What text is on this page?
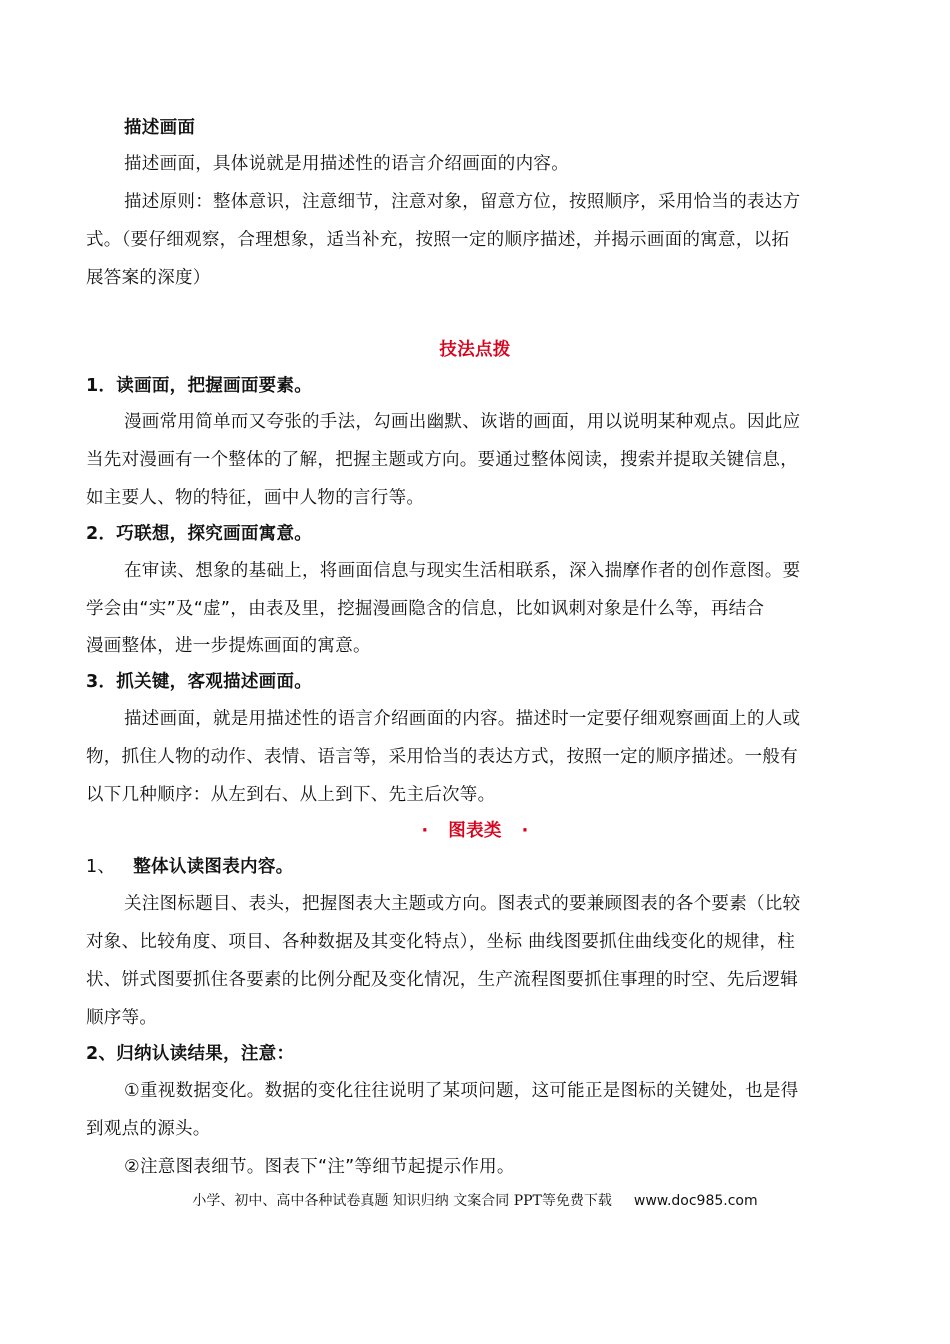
描述画面
描述画面，具体说就是用描述性的语言介绍画面的内容。
描述原则：整体意识，注意细节，注意对象，留意方位，按照顺序，采用恰当的表达方
式。（要仔细观察，合理想象，适当补充，按照一定的顺序描述，并揭示画面的寓意，以拓
展答案的深度）
技法点拨
1．读画面，把握画面要素。
漫画常用简单而又夸张的手法，勾画出幽默、诙谐的画面，用以说明某种观点。因此应
当先对漫画有一个整体的了解，把握主题或方向。要通过整体阅读，搜索并提取关键信息，
如主要人、物的特征，画中人物的言行等。
2．巧联想，探究画面寓意。
在审读、想象的基础上，将画面信息与现实生活相联系，深入揣摩作者的创作意图。要
学会由“实”及“虚”，由表及里，挖掘漫画隐含的信息，比如讽刺对象是什么等，再结合
漫画整体，进一步提炼画面的寓意。
3．抓关键，客观描述画面。
描述画面，就是用描述性的语言介绍画面的内容。描述时一定要仔细观察画面上的人或
物，抓住人物的动作、表情、语言等，采用恰当的表达方式，按照一定的顺序描述。一般有
以下几种顺序：从左到右、从上到下、先主后次等。
· 图表类 ·
1、 整体认读图表内容。
关注图标题目、表头，把握图表大主题或方向。图表式的要兼顾图表的各个要素（比较
对象、比较角度、项目、各种数据及其变化特点），坐标 曲线图要抓住曲线变化的规律，柱
状、饼式图要抓住各要素的比例分配及变化情况，生产流程图要抓住事理的时空、先后逻辑
顺序等。
2、归纳认读结果，注意：
①重视数据变化。数据的变化往往说明了某项问题，这可能正是图标的关键处，也是得
到观点的源头。
②注意图表细节。图表下“注”等细节起提示作用。
小学、初中、高中各种试卷真题 知识归纳 文案合同 PPT等免费下载 www.doc985.com
